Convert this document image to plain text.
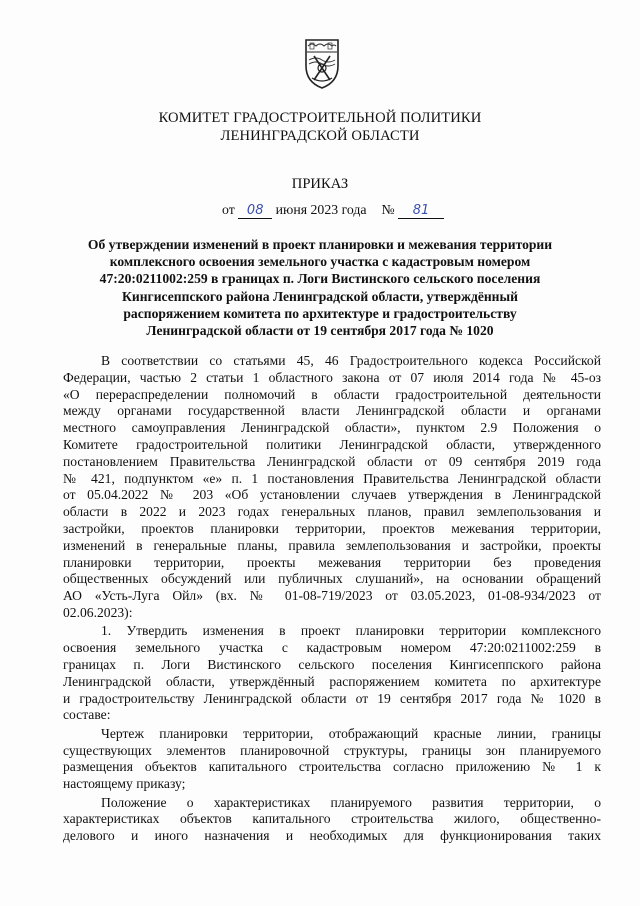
КОМИТЕТ ГРАДОСТРОИТЕЛЬНОЙ ПОЛИТИКИ
ЛЕНИНГРАДСКОЙ ОБЛАСТИ
ПРИКАЗ
от 08 июня 2023 года № 81
Об утверждении изменений в проект планировки и межевания территории
комплексного освоения земельного участка с кадастровым номером
47:20:0211002:259 в границах п. Логи Вистинского сельского поселения
Кингисеппского района Ленинградской области, утверждённый
распоряжением комитета по архитектуре и градостроительству
Ленинградской области от 19 сентября 2017 года № 1020
В соответствии со статьями 45, 46 Градостроительного кодекса Российской
Федерации, частью 2 статьи 1 областного закона от 07 июля 2014 года № 45-оз
«О перераспределении полномочий в области градостроительной деятельности
между органами государственной власти Ленинградской области и органами
местного самоуправления Ленинградской области», пунктом 2.9 Положения о
Комитете градостроительной политики Ленинградской области, утвержденного
постановлением Правительства Ленинградской области от 09 сентября 2019 года
№ 421, подпунктом «е» п. 1 постановления Правительства Ленинградской области
от 05.04.2022 № 203 «Об установлении случаев утверждения в Ленинградской
области в 2022 и 2023 годах генеральных планов, правил землепользования и
застройки, проектов планировки территории, проектов межевания территории,
изменений в генеральные планы, правила землепользования и застройки, проекты
планировки территории, проекты межевания территории без проведения
общественных обсуждений или публичных слушаний», на основании обращений
АО «Усть-Луга Ойл» (вх. № 01-08-719/2023 от 03.05.2023, 01-08-934/2023 от
02.06.2023):
1. Утвердить изменения в проект планировки территории комплексного
освоения земельного участка с кадастровым номером 47:20:0211002:259 в
границах п. Логи Вистинского сельского поселения Кингисеппского района
Ленинградской области, утверждённый распоряжением комитета по архитектуре
и градостроительству Ленинградской области от 19 сентября 2017 года № 1020 в
составе:
Чертеж планировки территории, отображающий красные линии, границы
существующих элементов планировочной структуры, границы зон планируемого
размещения объектов капитального строительства согласно приложению № 1 к
настоящему приказу;
Положение о характеристиках планируемого развития территории, о
характеристиках объектов капитального строительства жилого, общественно-
делового и иного назначения и необходимых для функционирования таких
